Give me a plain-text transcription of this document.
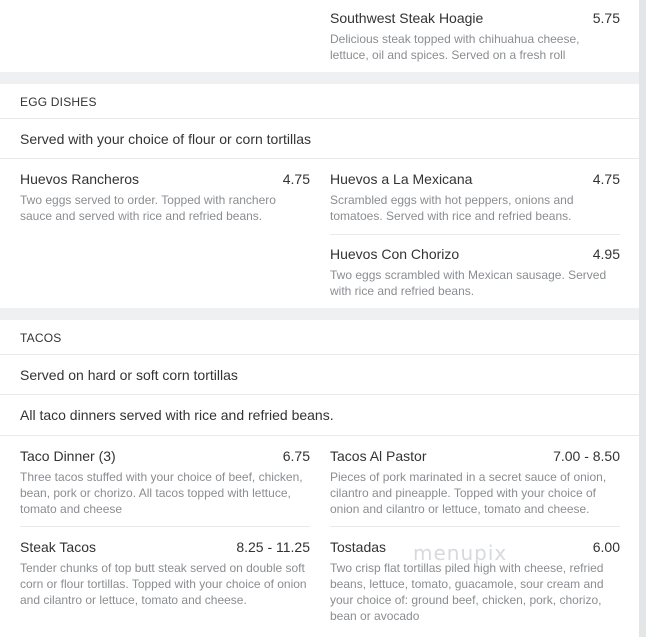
Southwest Steak Hoagie	5.75
Delicious steak topped with chihuahua cheese, lettuce, oil and spices. Served on a fresh roll
EGG DISHES
Served with your choice of flour or corn tortillas
Huevos Rancheros	4.75
Two eggs served to order. Topped with ranchero sauce and served with rice and refried beans.
Huevos a La Mexicana	4.75
Scrambled eggs with hot peppers, onions and tomatoes. Served with rice and refried beans.
Huevos Con Chorizo	4.95
Two eggs scrambled with Mexican sausage. Served with rice and refried beans.
TACOS
Served on hard or soft corn tortillas
All taco dinners served with rice and refried beans.
Taco Dinner (3)	6.75
Three tacos stuffed with your choice of beef, chicken, bean, pork or chorizo. All tacos topped with lettuce, tomato and cheese
Tacos Al Pastor	7.00 - 8.50
Pieces of pork marinated in a secret sauce of onion, cilantro and pineapple. Topped with your choice of onion and cilantro or lettuce, tomato and cheese.
Steak Tacos	8.25 - 11.25
Tender chunks of top butt steak served on double soft corn or flour tortillas. Topped with your choice of onion and cilantro or lettuce, tomato and cheese.
Tostadas	6.00
Two crisp flat tortillas piled high with cheese, refried beans, lettuce, tomato, guacamole, sour cream and your choice of: ground beef, chicken, pork, chorizo, bean or avocado
menupix
